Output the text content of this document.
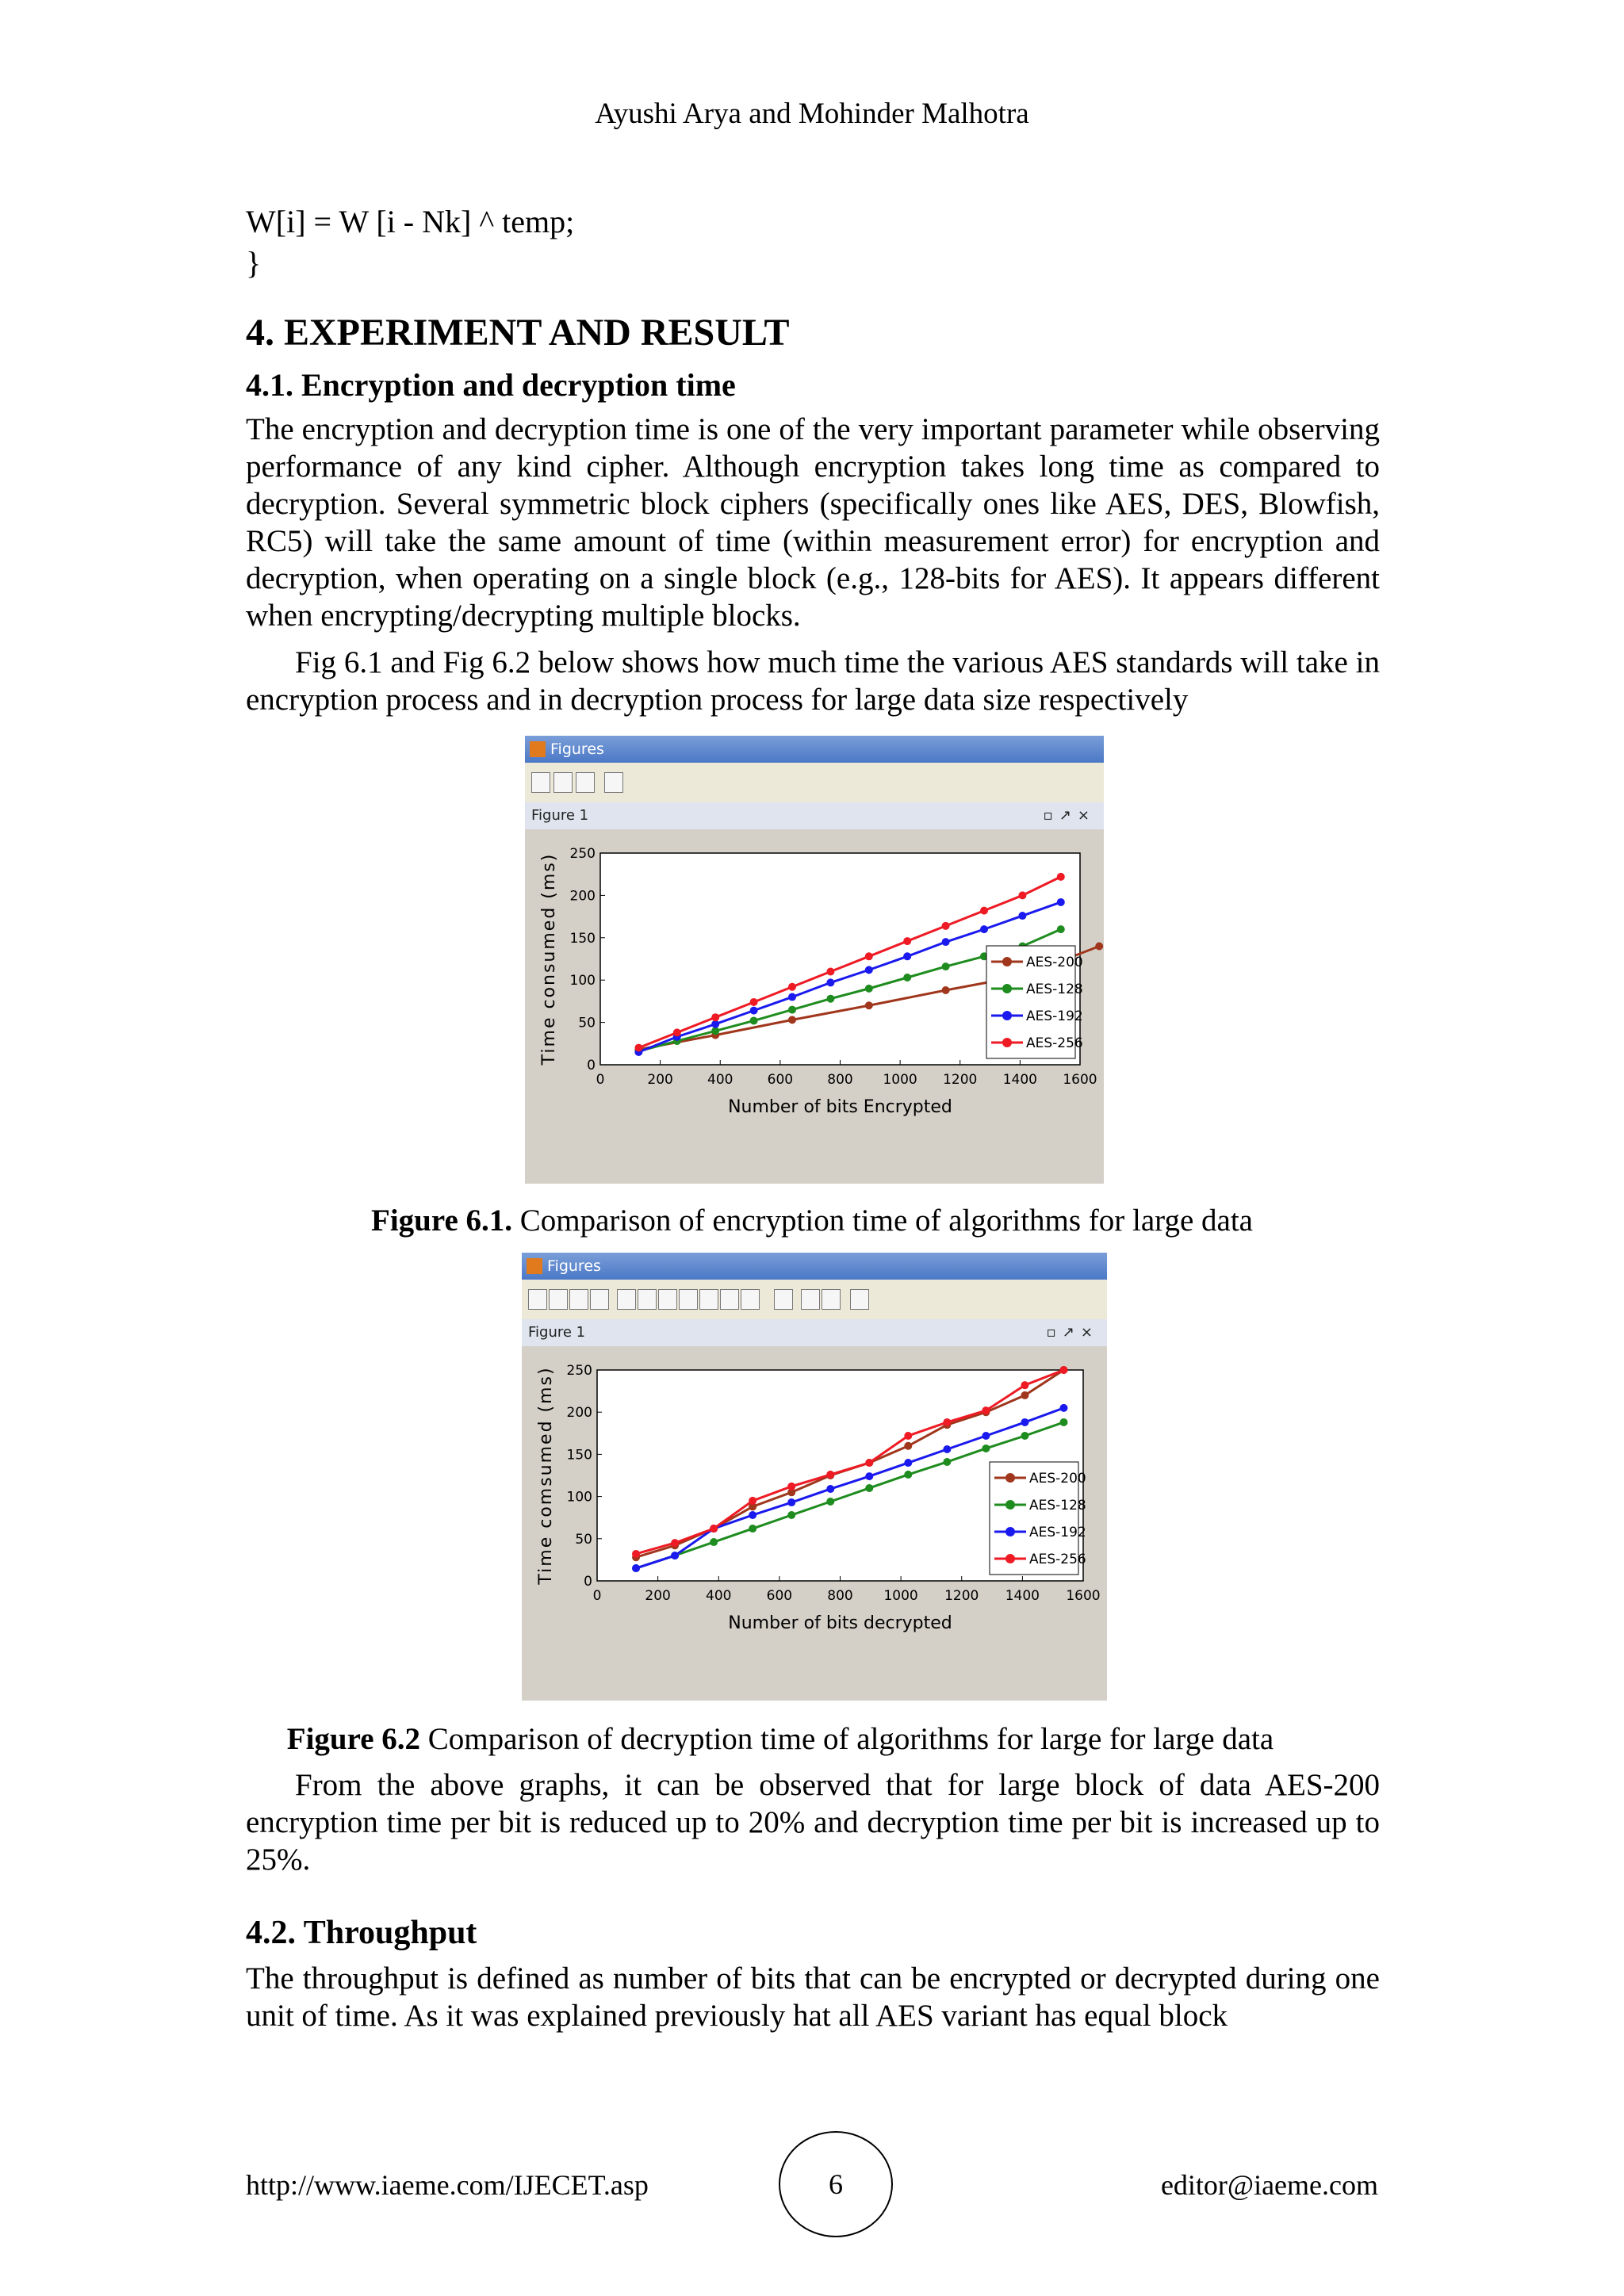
Ayushi Arya and Mohinder Malhotra
W[i] = W [i - Nk] ^ temp;
}
4. EXPERIMENT AND RESULT
4.1. Encryption and decryption time
The encryption and decryption time is one of the very important parameter while observing performance of any kind cipher. Although encryption takes long time as compared to decryption. Several symmetric block ciphers (specifically ones like AES, DES, Blowfish, RC5) will take the same amount of time (within measurement error) for encryption and decryption, when operating on a single block (e.g., 128-bits for AES). It appears different when encrypting/decrypting multiple blocks.
Fig 6.1 and Fig 6.2 below shows how much time the various AES standards will take in encryption process and in decryption process for large data size respectively
Figures
Figure 1	▫↗×
0	200	400	600	800 1000 1200 1400 1600
0
50
100
150
200
250
Number of bits Encrypted
Time consumed (ms)	AES-200
AES-128
AES-192
AES-256
Figure 6.1. Comparison of encryption time of algorithms for large data
Figures
Figure 1	▫↗×
0	200	400	600	800 1000 1200 1400 1600
0
50
100
150
200
250
Number of bits decrypted
Time comsumed (ms)	AES-200
AES-128
AES-192
AES-256
Figure 6.2 Comparison of decryption time of algorithms for large for large data
From the above graphs, it can be observed that for large block of data AES-200 encryption time per bit is reduced up to 20% and decryption time per bit is increased up to 25%.
4.2. Throughput
The throughput is defined as number of bits that can be encrypted or decrypted during one unit of time. As it was explained previously hat all AES variant has equal block
http://www.iaeme.com/IJECET.asp	6	editor@iaeme.com
